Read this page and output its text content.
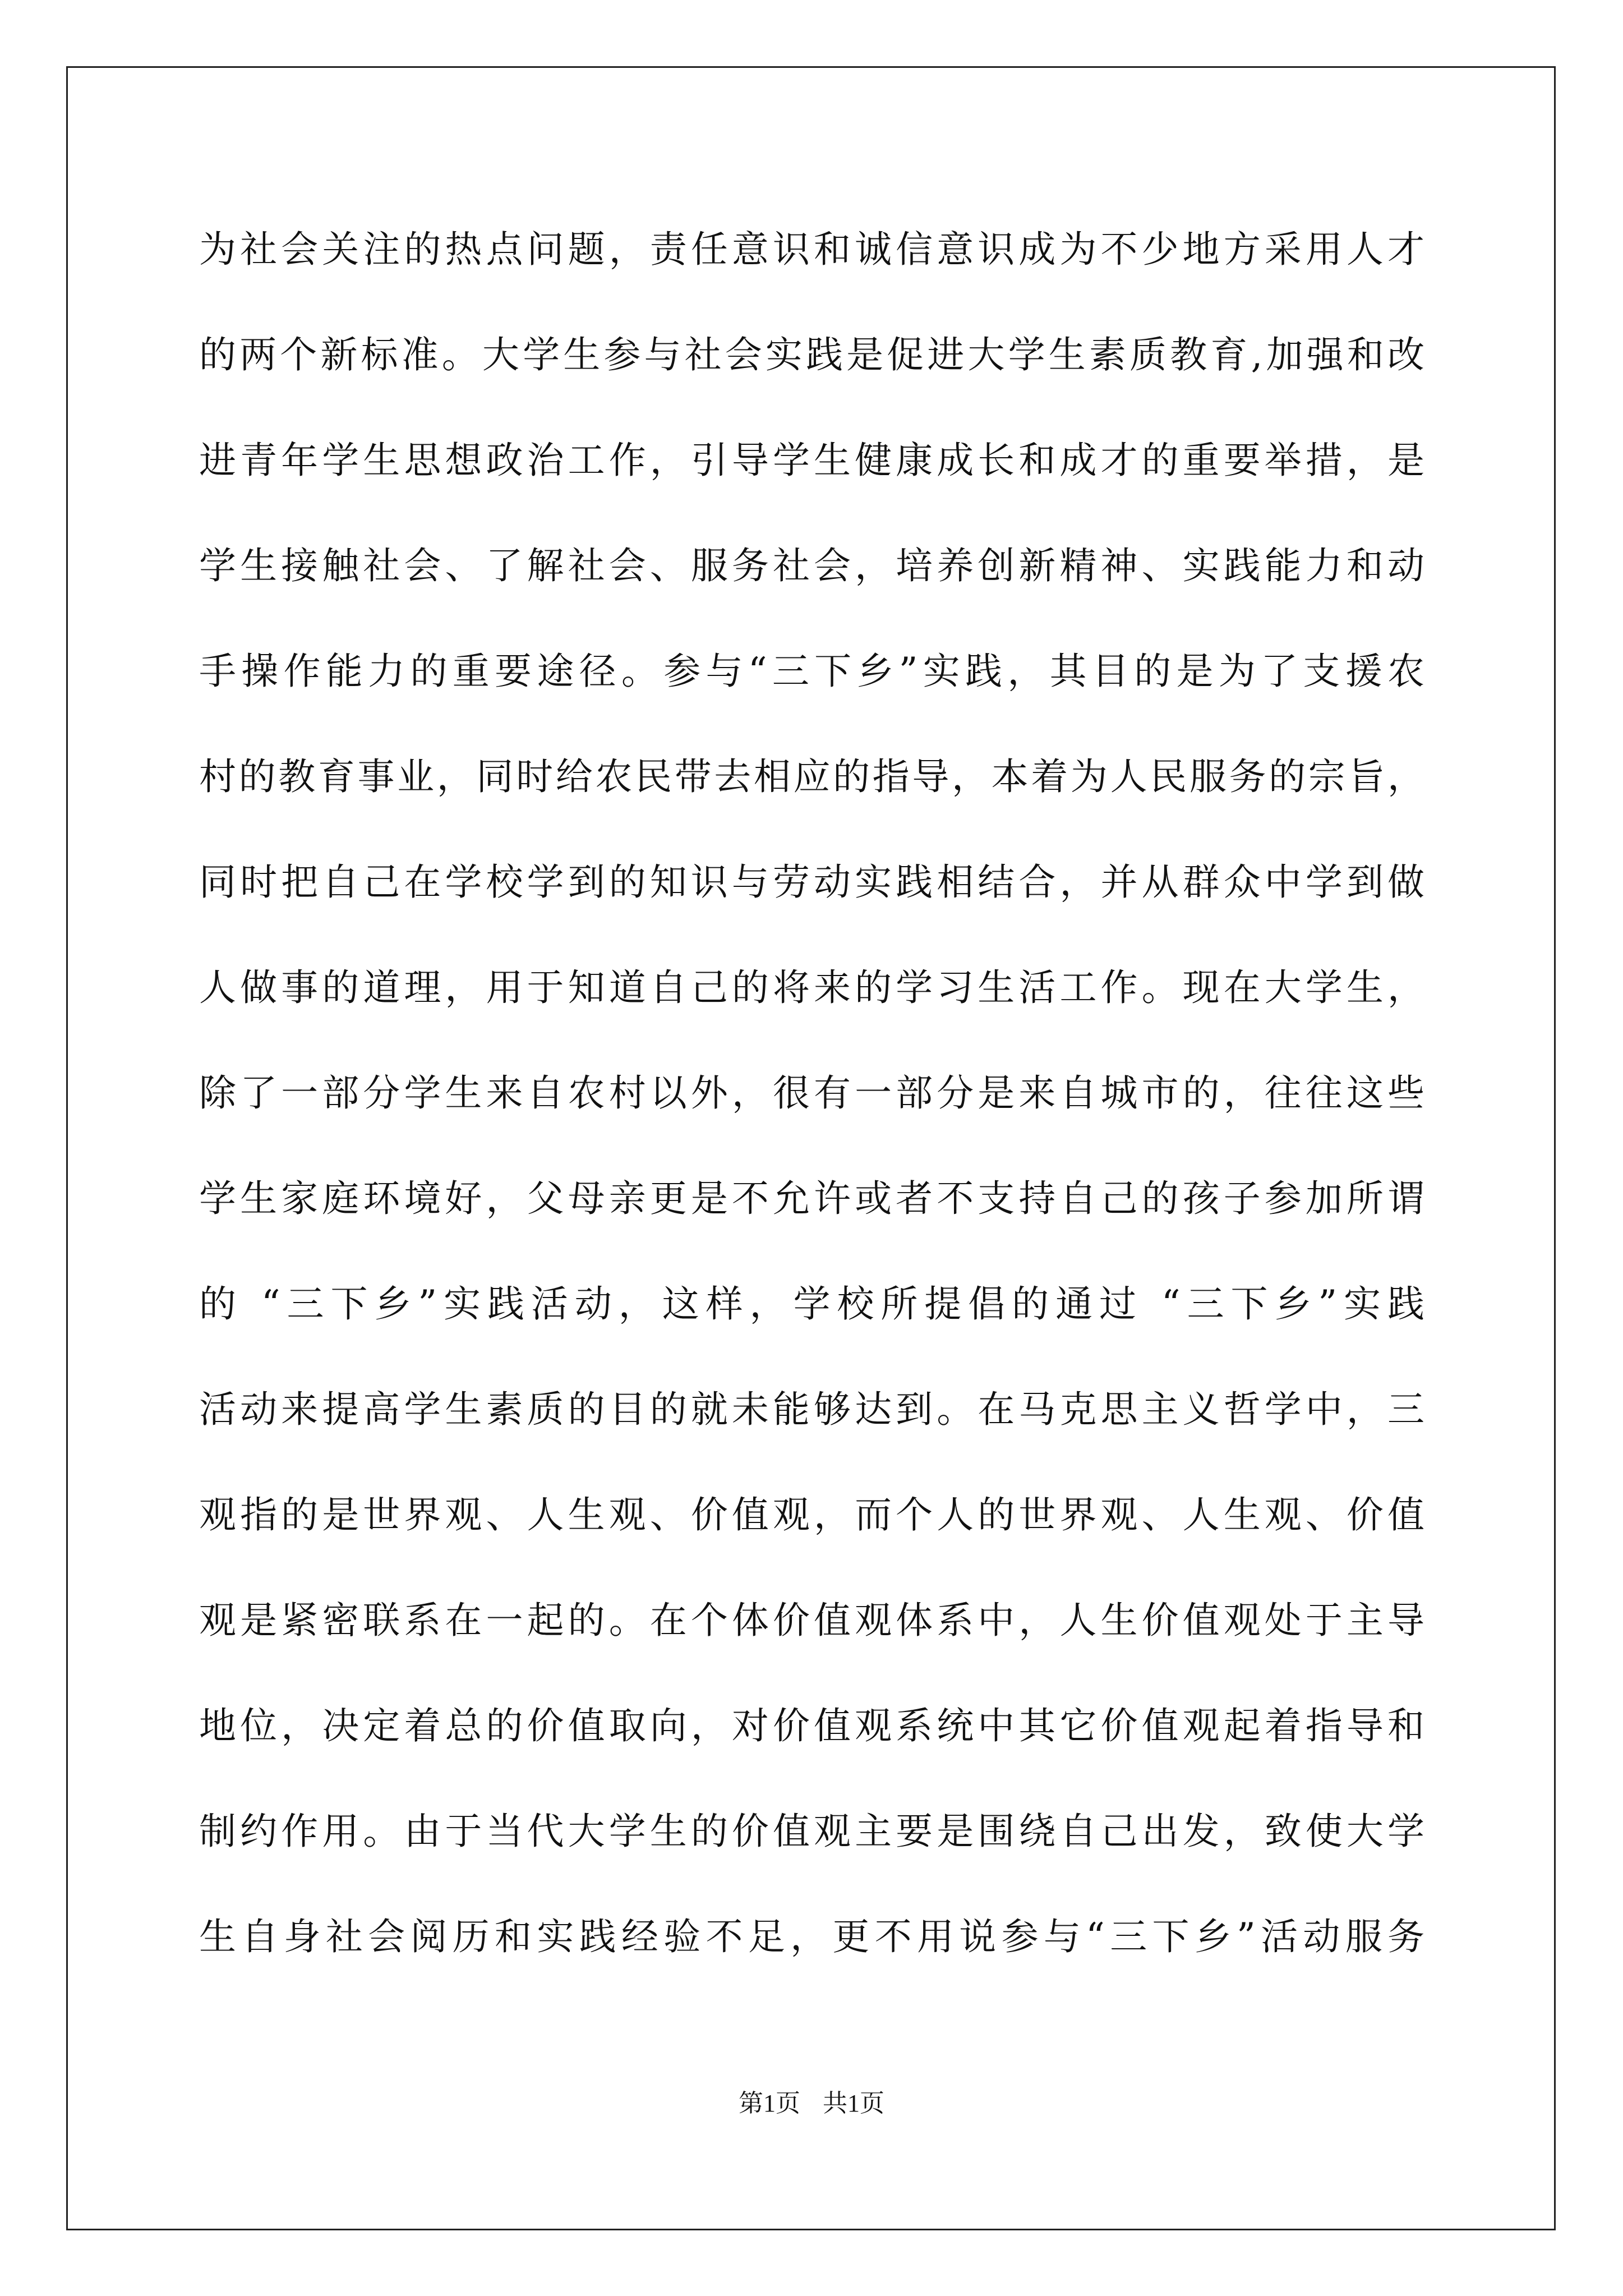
为社会关注的热点问题，责任意识和诚信意识成为不少地方采用人才
的两个新标准。大学生参与社会实践是促进大学生素质教育,加强和改
进青年学生思想政治工作，引导学生健康成长和成才的重要举措，是
学生接触社会、了解社会、服务社会，培养创新精神、实践能力和动
手操作能力的重要途径。参与“三下乡”实践，其目的是为了支援农
村的教育事业，同时给农民带去相应的指导，本着为人民服务的宗旨，
同时把自己在学校学到的知识与劳动实践相结合，并从群众中学到做
人做事的道理，用于知道自己的将来的学习生活工作。现在大学生，
除了一部分学生来自农村以外，很有一部分是来自城市的，往往这些
学生家庭环境好，父母亲更是不允许或者不支持自己的孩子参加所谓
的 “三下乡”实践活动，这样，学校所提倡的通过 “三下乡”实践
活动来提高学生素质的目的就未能够达到。在马克思主义哲学中，三
观指的是世界观、人生观、价值观，而个人的世界观、人生观、价值
观是紧密联系在一起的。在个体价值观体系中，人生价值观处于主导
地位，决定着总的价值取向，对价值观系统中其它价值观起着指导和
制约作用。由于当代大学生的价值观主要是围绕自己出发，致使大学
生自身社会阅历和实践经验不足，更不用说参与“三下乡”活动服务
第1页 共1页
